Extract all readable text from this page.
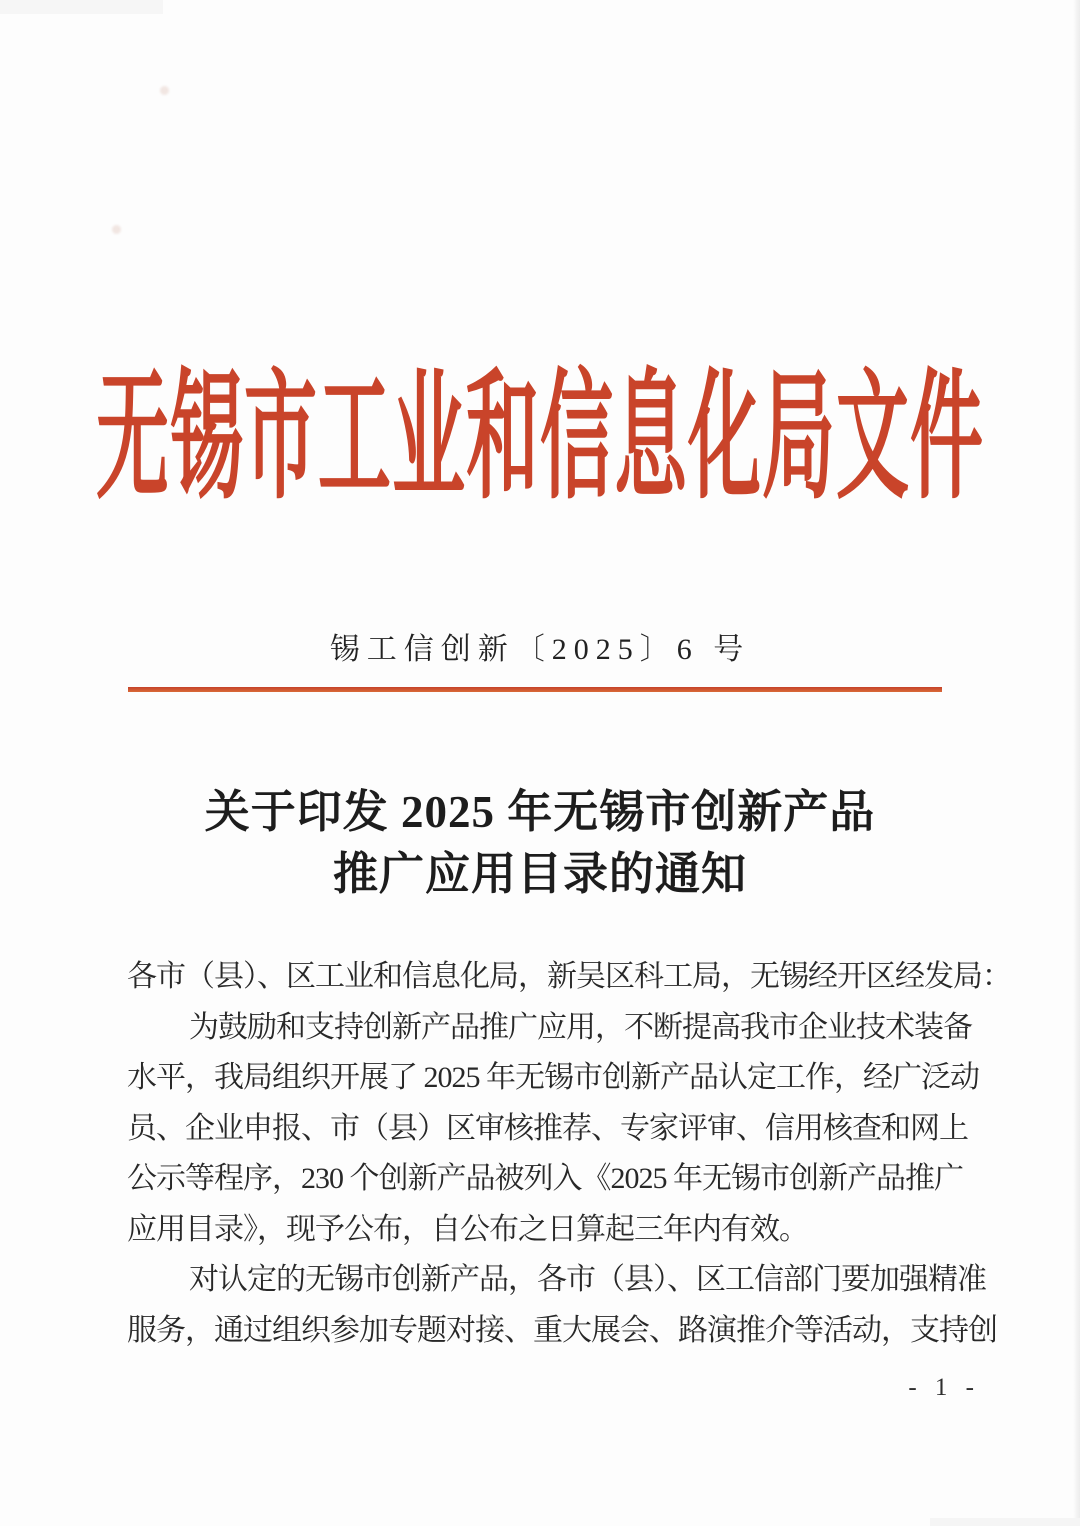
无锡市工业和信息化局文件
锡工信创新〔2025〕6 号
关于印发 2025 年无锡市创新产品
推广应用目录的通知
各市（县）、区工业和信息化局，新吴区科工局，无锡经开区经发局：
为鼓励和支持创新产品推广应用，不断提高我市企业技术装备
水平，我局组织开展了 2025 年无锡市创新产品认定工作，经广泛动
员、企业申报、市（县）区审核推荐、专家评审、信用核查和网上
公示等程序，230 个创新产品被列入《2025 年无锡市创新产品推广
应用目录》，现予公布，自公布之日算起三年内有效。
对认定的无锡市创新产品，各市（县）、区工信部门要加强精准
服务，通过组织参加专题对接、重大展会、路演推介等活动，支持创
- 1 -
